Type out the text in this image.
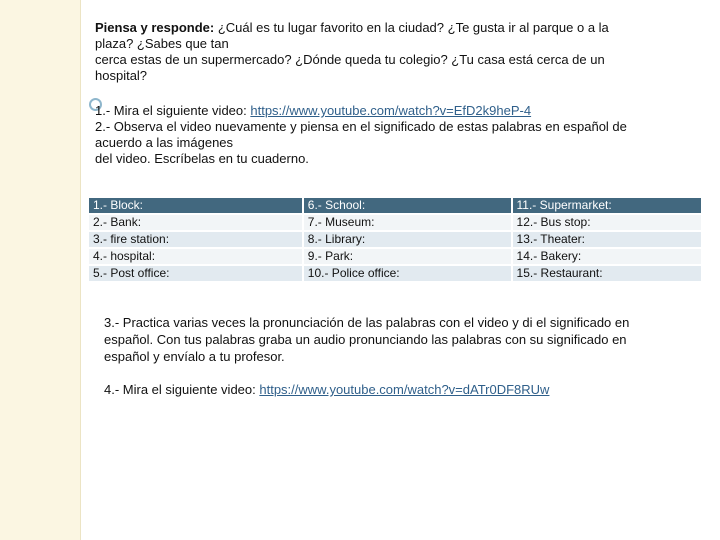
Piensa y responde: ¿Cuál es tu lugar favorito en la ciudad? ¿Te gusta ir al parque o a la
plaza? ¿Sabes que tan
cerca estas de un supermercado? ¿Dónde queda tu colegio? ¿Tu casa está cerca de un
hospital?
1.- Mira el siguiente video: https://www.youtube.com/watch?v=EfD2k9heP-4
2.- Observa el video nuevamente y piensa en el significado de estas palabras en español de
acuerdo a las imágenes
del video. Escríbelas en tu cuaderno.
1.- Block:	6.- School:	11.- Supermarket:
2.- Bank:	7.- Museum:	12.- Bus stop:
3.- fire station:	8.- Library:	13.- Theater:
4.- hospital:	9.- Park:	14.- Bakery:
5.- Post office:	10.- Police office:	15.- Restaurant:
3.- Practica varias veces la pronunciación de las palabras con el video y di el significado en
español. Con tus palabras graba un audio pronunciando las palabras con su significado en
español y envíalo a tu profesor.
4.- Mira el siguiente video: https://www.youtube.com/watch?v=dATr0DF8RUw
